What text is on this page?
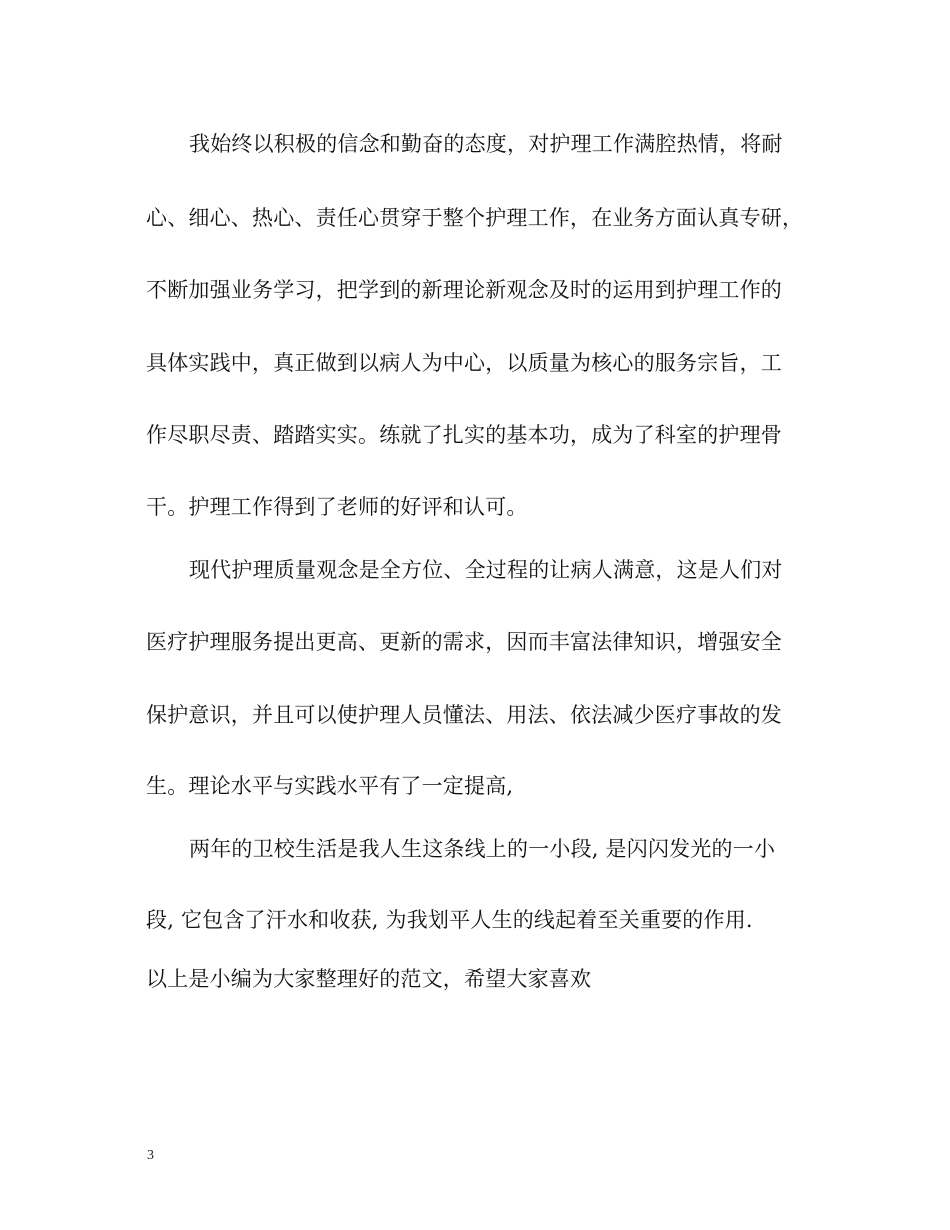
我始终以积极的信念和勤奋的态度，对护理工作满腔热情，将耐
心、细心、热心、责任心贯穿于整个护理工作，在业务方面认真专研，
不断加强业务学习，把学到的新理论新观念及时的运用到护理工作的
具体实践中，真正做到以病人为中心，以质量为核心的服务宗旨，工
作尽职尽责、踏踏实实。练就了扎实的基本功，成为了科室的护理骨
干。护理工作得到了老师的好评和认可。
现代护理质量观念是全方位、全过程的让病人满意，这是人们对
医疗护理服务提出更高、更新的需求，因而丰富法律知识，增强安全
保护意识，并且可以使护理人员懂法、用法、依法减少医疗事故的发
生。理论水平与实践水平有了一定提高,
两年的卫校生活是我人生这条线上的一小段, 是闪闪发光的一小
段, 它包含了汗水和收获, 为我划平人生的线起着至关重要的作用.
以上是小编为大家整理好的范文，希望大家喜欢
3
